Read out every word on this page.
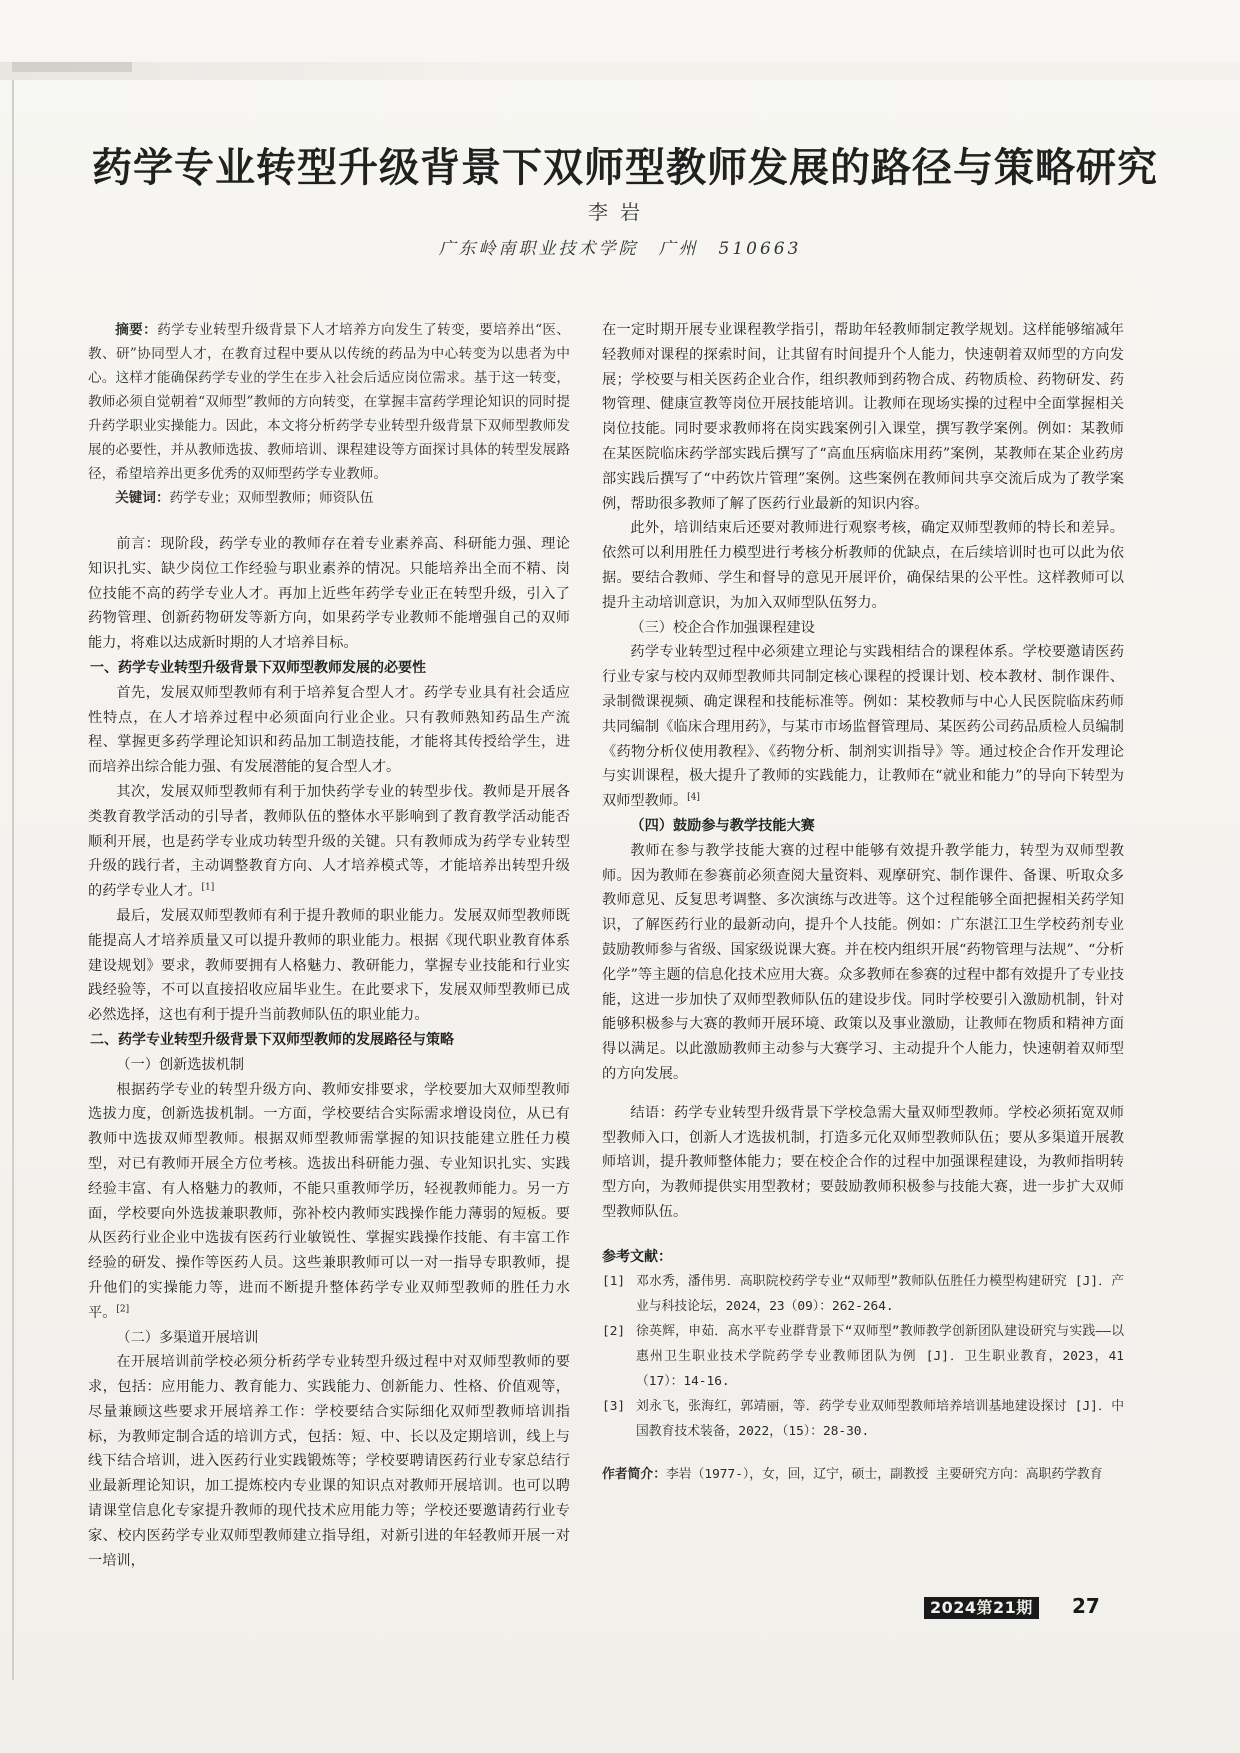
药学专业转型升级背景下双师型教师发展的路径与策略研究
李岩
广东岭南职业技术学院　广州　510663

摘要：药学专业转型升级背景下人才培养方向发生了转变，要培养出“医、教、研”协同型人才，在教育过程中要从以传统的药品为中心转变为以患者为中心。这样才能确保药学专业的学生在步入社会后适应岗位需求。基于这一转变，教师必须自觉朝着“双师型”教师的方向转变，在掌握丰富药学理论知识的同时提升药学职业实操能力。因此，本文将分析药学专业转型升级背景下双师型教师发展的必要性，并从教师选拔、教师培训、课程建设等方面探讨具体的转型发展路径，希望培养出更多优秀的双师型药学专业教师。

关键词：药学专业；双师型教师；师资队伍

前言：现阶段，药学专业的教师存在着专业素养高、科研能力强、理论知识扎实、缺少岗位工作经验与职业素养的情况。只能培养出全而不精、岗位技能不高的药学专业人才。再加上近些年药学专业正在转型升级，引入了药物管理、创新药物研发等新方向，如果药学专业教师不能增强自己的双师能力，将难以达成新时期的人才培养目标。

一、药学专业转型升级背景下双师型教师发展的必要性

首先，发展双师型教师有利于培养复合型人才。药学专业具有社会适应性特点，在人才培养过程中必须面向行业企业。只有教师熟知药品生产流程、掌握更多药学理论知识和药品加工制造技能，才能将其传授给学生，进而培养出综合能力强、有发展潜能的复合型人才。

其次，发展双师型教师有利于加快药学专业的转型步伐。教师是开展各类教育教学活动的引导者，教师队伍的整体水平影响到了教育教学活动能否顺利开展，也是药学专业成功转型升级的关键。只有教师成为药学专业转型升级的践行者，主动调整教育方向、人才培养模式等，才能培养出转型升级的药学专业人才。[1]

最后，发展双师型教师有利于提升教师的职业能力。发展双师型教师既能提高人才培养质量又可以提升教师的职业能力。根据《现代职业教育体系建设规划》要求，教师要拥有人格魅力、教研能力，掌握专业技能和行业实践经验等，不可以直接招收应届毕业生。在此要求下，发展双师型教师已成必然选择，这也有利于提升当前教师队伍的职业能力。

二、药学专业转型升级背景下双师型教师的发展路径与策略

（一）创新选拔机制

根据药学专业的转型升级方向、教师安排要求，学校要加大双师型教师选拔力度，创新选拔机制。一方面，学校要结合实际需求增设岗位，从已有教师中选拔双师型教师。根据双师型教师需掌握的知识技能建立胜任力模型，对已有教师开展全方位考核。选拔出科研能力强、专业知识扎实、实践经验丰富、有人格魅力的教师，不能只重教师学历，轻视教师能力。另一方面，学校要向外选拔兼职教师，弥补校内教师实践操作能力薄弱的短板。要从医药行业企业中选拔有医药行业敏锐性、掌握实践操作技能、有丰富工作经验的研发、操作等医药人员。这些兼职教师可以一对一指导专职教师，提升他们的实操能力等，进而不断提升整体药学专业双师型教师的胜任力水平。[2]

（二）多渠道开展培训

在开展培训前学校必须分析药学专业转型升级过程中对双师型教师的要求，包括：应用能力、教育能力、实践能力、创新能力、性格、价值观等，尽量兼顾这些要求开展培养工作：学校要结合实际细化双师型教师培训指标，为教师定制合适的培训方式，包括：短、中、长以及定期培训，线上与线下结合培训，进入医药行业实践锻炼等；学校要聘请医药行业专家总结行业最新理论知识，加工提炼校内专业课的知识点对教师开展培训。也可以聘请课堂信息化专家提升教师的现代技术应用能力等；学校还要邀请药行业专家、校内医药学专业双师型教师建立指导组，对新引进的年轻教师开展一对一培训，

在一定时期开展专业课程教学指引，帮助年轻教师制定教学规划。这样能够缩减年轻教师对课程的探索时间，让其留有时间提升个人能力，快速朝着双师型的方向发展；学校要与相关医药企业合作，组织教师到药物合成、药物质检、药物研发、药物管理、健康宣教等岗位开展技能培训。让教师在现场实操的过程中全面掌握相关岗位技能。同时要求教师将在岗实践案例引入课堂，撰写教学案例。例如：某教师在某医院临床药学部实践后撰写了“高血压病临床用药”案例，某教师在某企业药房部实践后撰写了“中药饮片管理”案例。这些案例在教师间共享交流后成为了教学案例，帮助很多教师了解了医药行业最新的知识内容。

此外，培训结束后还要对教师进行观察考核，确定双师型教师的特长和差异。依然可以利用胜任力模型进行考核分析教师的优缺点，在后续培训时也可以此为依据。要结合教师、学生和督导的意见开展评价，确保结果的公平性。这样教师可以提升主动培训意识，为加入双师型队伍努力。

（三）校企合作加强课程建设

药学专业转型过程中必须建立理论与实践相结合的课程体系。学校要邀请医药行业专家与校内双师型教师共同制定核心课程的授课计划、校本教材、制作课件、录制微课视频、确定课程和技能标准等。例如：某校教师与中心人民医院临床药师共同编制《临床合理用药》，与某市市场监督管理局、某医药公司药品质检人员编制《药物分析仪使用教程》、《药物分析、制剂实训指导》等。通过校企合作开发理论与实训课程，极大提升了教师的实践能力，让教师在“就业和能力”的导向下转型为双师型教师。[4]

（四）鼓励参与教学技能大赛

教师在参与教学技能大赛的过程中能够有效提升教学能力，转型为双师型教师。因为教师在参赛前必须查阅大量资料、观摩研究、制作课件、备课、听取众多教师意见、反复思考调整、多次演练与改进等。这个过程能够全面把握相关药学知识，了解医药行业的最新动向，提升个人技能。例如：广东湛江卫生学校药剂专业鼓励教师参与省级、国家级说课大赛。并在校内组织开展“药物管理与法规”、“分析化学”等主题的信息化技术应用大赛。众多教师在参赛的过程中都有效提升了专业技能，这进一步加快了双师型教师队伍的建设步伐。同时学校要引入激励机制，针对能够积极参与大赛的教师开展环境、政策以及事业激励，让教师在物质和精神方面得以满足。以此激励教师主动参与大赛学习、主动提升个人能力，快速朝着双师型的方向发展。

结语：药学专业转型升级背景下学校急需大量双师型教师。学校必须拓宽双师型教师入口，创新人才选拔机制，打造多元化双师型教师队伍；要从多渠道开展教师培训，提升教师整体能力；要在校企合作的过程中加强课程建设，为教师指明转型方向，为教师提供实用型教材；要鼓励教师积极参与技能大赛，进一步扩大双师型教师队伍。

参考文献：

[1] 邓水秀，潘伟男．高职院校药学专业“双师型”教师队伍胜任力模型构建研究 [J]．产业与科技论坛，2024，23（09）：262-264.
[2] 徐英辉，申茹．高水平专业群背景下“双师型”教师教学创新团队建设研究与实践——以惠州卫生职业技术学院药学专业教师团队为例 [J]．卫生职业教育，2023，41（17）：14-16.
[3] 刘永飞，张海红，郭靖丽，等．药学专业双师型教师培养培训基地建设探讨 [J]．中国教育技术装备，2022，（15）：28-30.

作者简介：李岩（1977-），女，回，辽宁，硕士，副教授 主要研究方向：高职药学教育

2024第21期	27
